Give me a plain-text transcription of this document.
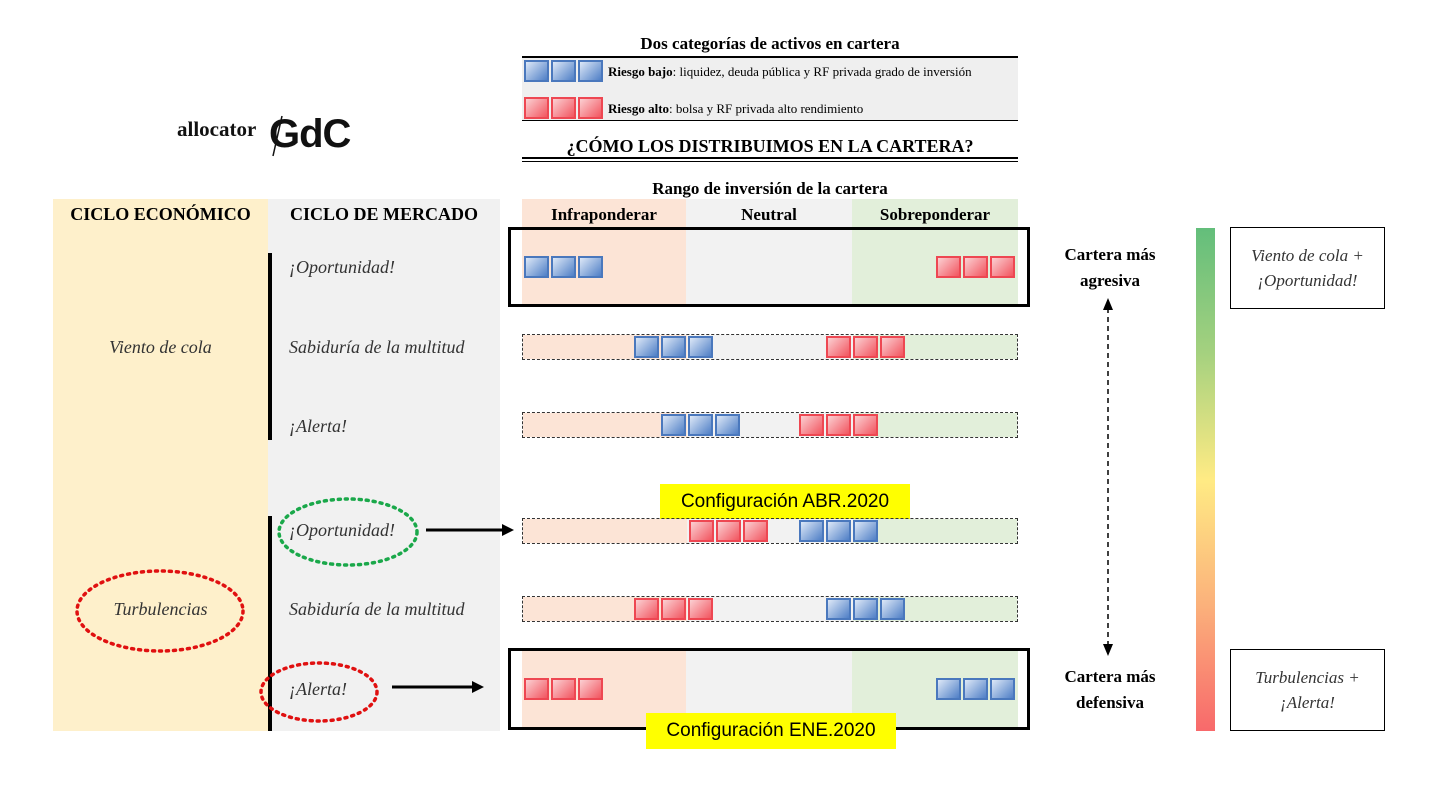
allocator GdC
Dos categorías de activos en cartera
Riesgo bajo: liquidez, deuda pública y RF privada grado de inversión
Riesgo alto: bolsa y RF privada alto rendimiento
¿CÓMO LOS DISTRIBUIMOS EN LA CARTERA?
Rango de inversión de la cartera
CICLO ECONÓMICO	CICLO DE MERCADO	Infraponderar	Neutral	Sobreponderar
Viento de cola
Turbulencias
¡Oportunidad!
Sabiduría de la multitud
¡Alerta!
¡Oportunidad!
Sabiduría de la multitud
¡Alerta!
Configuración ABR.2020
Configuración ENE.2020
Cartera más
agresiva
Cartera más
defensiva
Viento de cola +
¡Oportunidad!
Turbulencias +
¡Alerta!
